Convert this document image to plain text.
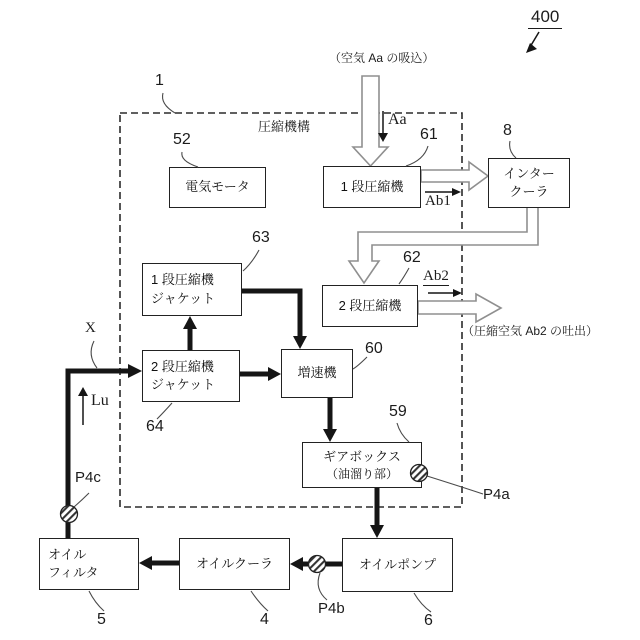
電気モータ	1 段圧縮機
インター
クーラ
2 段圧縮機
1 段圧縮機
ジャケット
2 段圧縮機
ジャケット
増速機
ギアボックス
（油溜り部）
オイルポンプ
オイルクーラ
オイル
フィルタ
400
圧縮機構
（空気 Aa の吸込）
（圧縮空気 Ab2 の吐出）
1
52	61	8
63
62
60
59
64
5	4	6
X
Lu
Aa
Ab1
Ab2
P4c
P4a
P4b
